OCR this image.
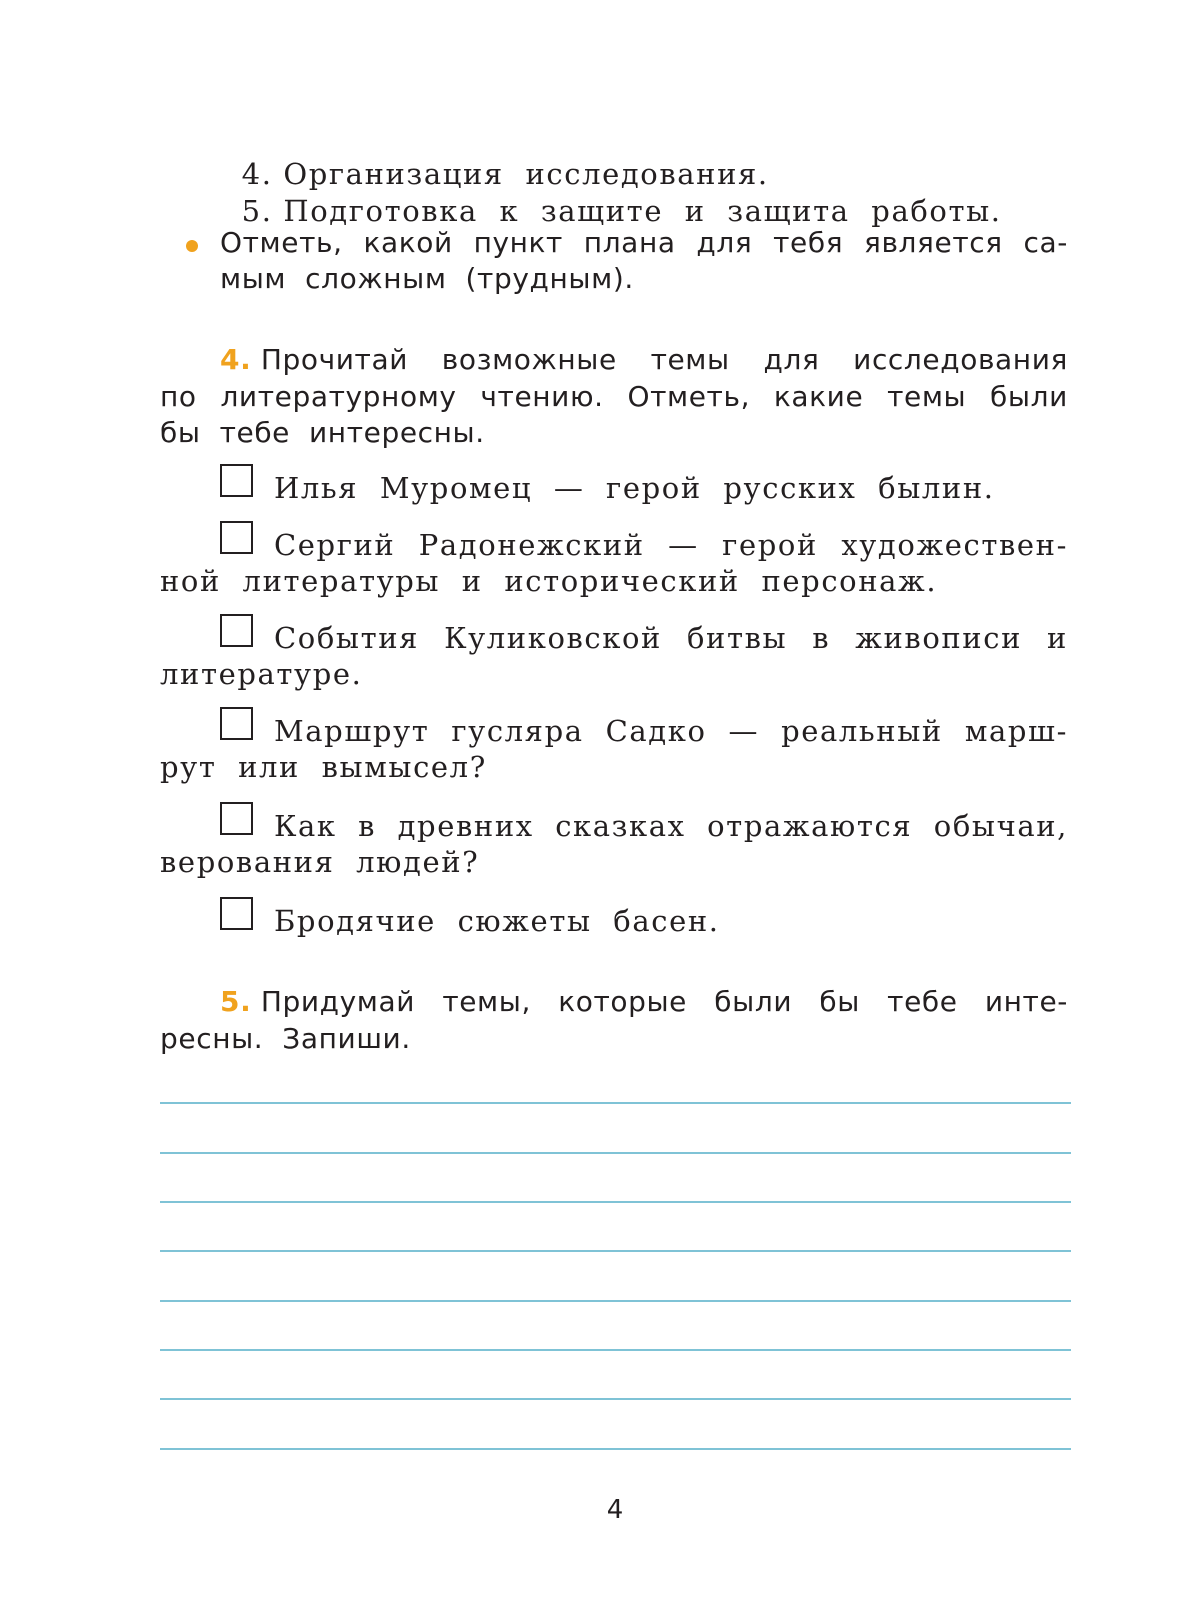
4. Организация исследования.

5. Подготовка к защите и защита работы.

Отметь, какой пункт плана для тебя является са-
мым  сложным  (трудным).
4. Прочитай возможные темы для исследования
по литературному чтению. Отметь, какие темы были
бы  тебе  интересны.
Илья  Муромец  —  герой  русских  былин.
Сергий Радонежский — герой художествен-
ной  литературы  и  исторический  персонаж.
События Куликовской битвы в живописи и
литературе.
Маршрут гусляра Садко — реальный марш-
рут  или  вымысел?
Как в древних сказках отражаются обычаи,
верования  людей?
Бродячие  сюжеты  басен.
5. Придумай темы, которые были бы тебе инте-
ресны.  Запиши.
4
